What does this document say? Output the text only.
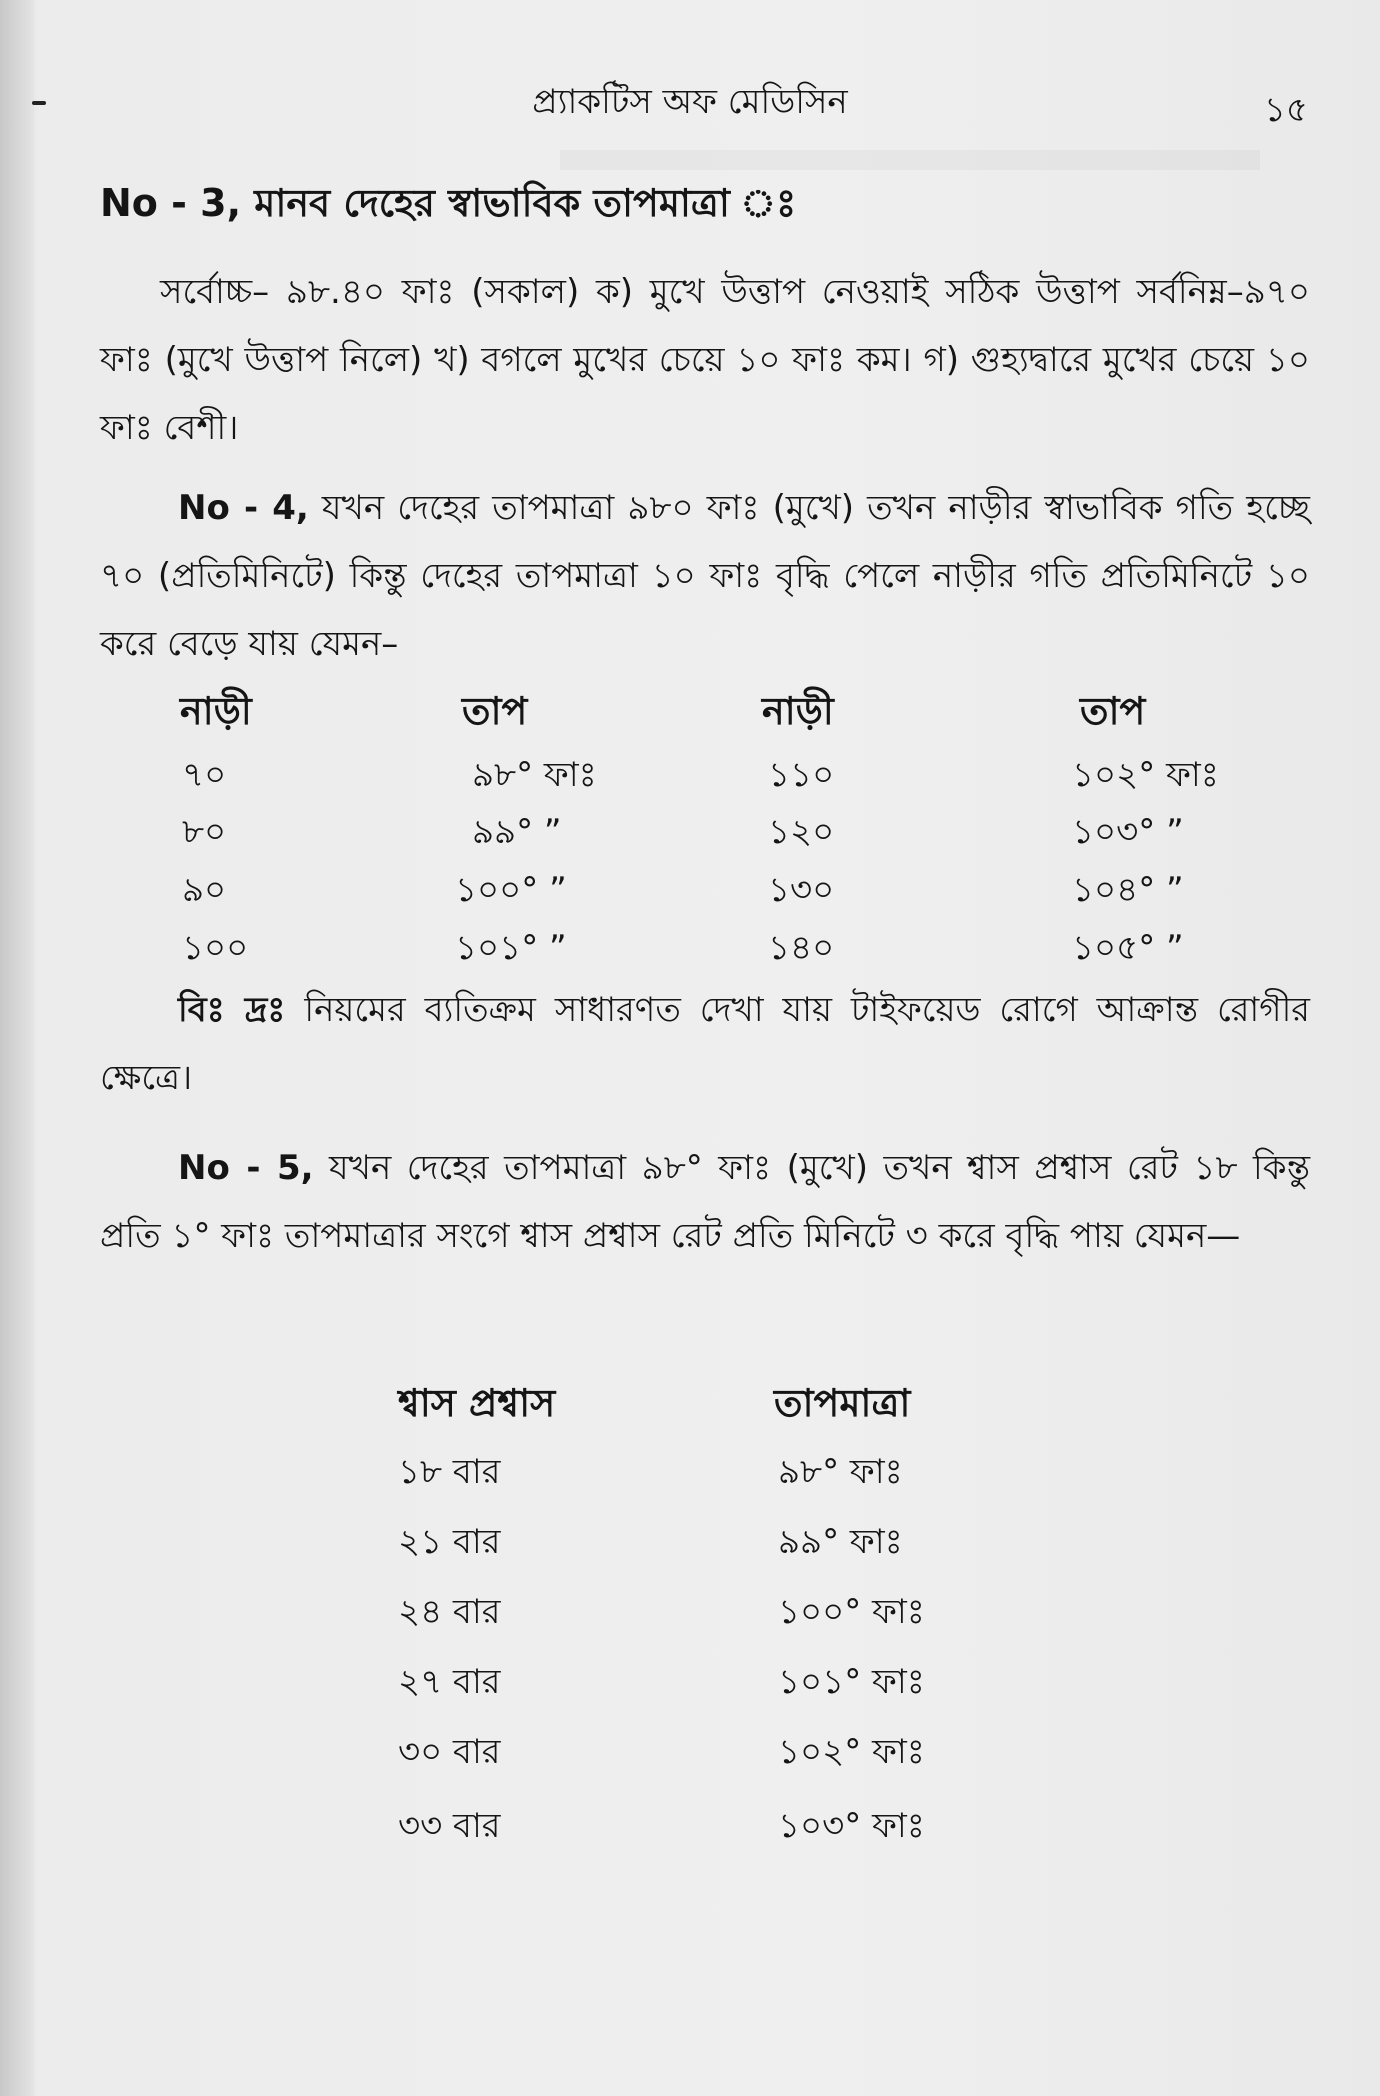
প্র্যাকটিস অফ মেডিসিন	১৫
No - 3, মানব দেহের স্বাভাবিক তাপমাত্রা ঃ

সর্বোচ্চ– ৯৮.৪০ ফাঃ (সকাল) ক) মুখে উত্তাপ নেওয়াই সঠিক উত্তাপ সর্বনিম্ন–৯৭০ ফাঃ (মুখে উত্তাপ নিলে) খ) বগলে মুখের চেয়ে ১০ ফাঃ কম। গ) গুহ্যদ্বারে মুখের চেয়ে ১০ ফাঃ বেশী।

No - 4, যখন দেহের তাপমাত্রা ৯৮০ ফাঃ (মুখে) তখন নাড়ীর স্বাভাবিক গতি হচ্ছে ৭০ (প্রতিমিনিটে) কিন্তু দেহের তাপমাত্রা ১০ ফাঃ বৃদ্ধি পেলে নাড়ীর গতি প্রতিমিনিটে ১০ করে বেড়ে যায় যেমন–

নাড়ী	তাপ	নাড়ী	তাপ
৭০	৯৮° ফাঃ	১১০	১০২° ফাঃ
৮০	৯৯° ”	১২০	১০৩° ”
৯০	১০০° ”	১৩০	১০৪° ”
১০০	১০১° ”	১৪০	১০৫° ”

বিঃ দ্রঃ নিয়মের ব্যতিক্রম সাধারণত দেখা যায় টাইফয়েড রোগে আক্রান্ত রোগীর ক্ষেত্রে।

No - 5, যখন দেহের তাপমাত্রা ৯৮° ফাঃ (মুখে) তখন শ্বাস প্রশ্বাস রেট ১৮ কিন্তু প্রতি ১° ফাঃ তাপমাত্রার সংগে শ্বাস প্রশ্বাস রেট প্রতি মিনিটে ৩ করে বৃদ্ধি পায় যেমন—

শ্বাস প্রশ্বাস	তাপমাত্রা
১৮ বার	৯৮° ফাঃ
২১ বার	৯৯° ফাঃ
২৪ বার	১০০° ফাঃ
২৭ বার	১০১° ফাঃ
৩০ বার	১০২° ফাঃ
৩৩ বার	১০৩° ফাঃ
